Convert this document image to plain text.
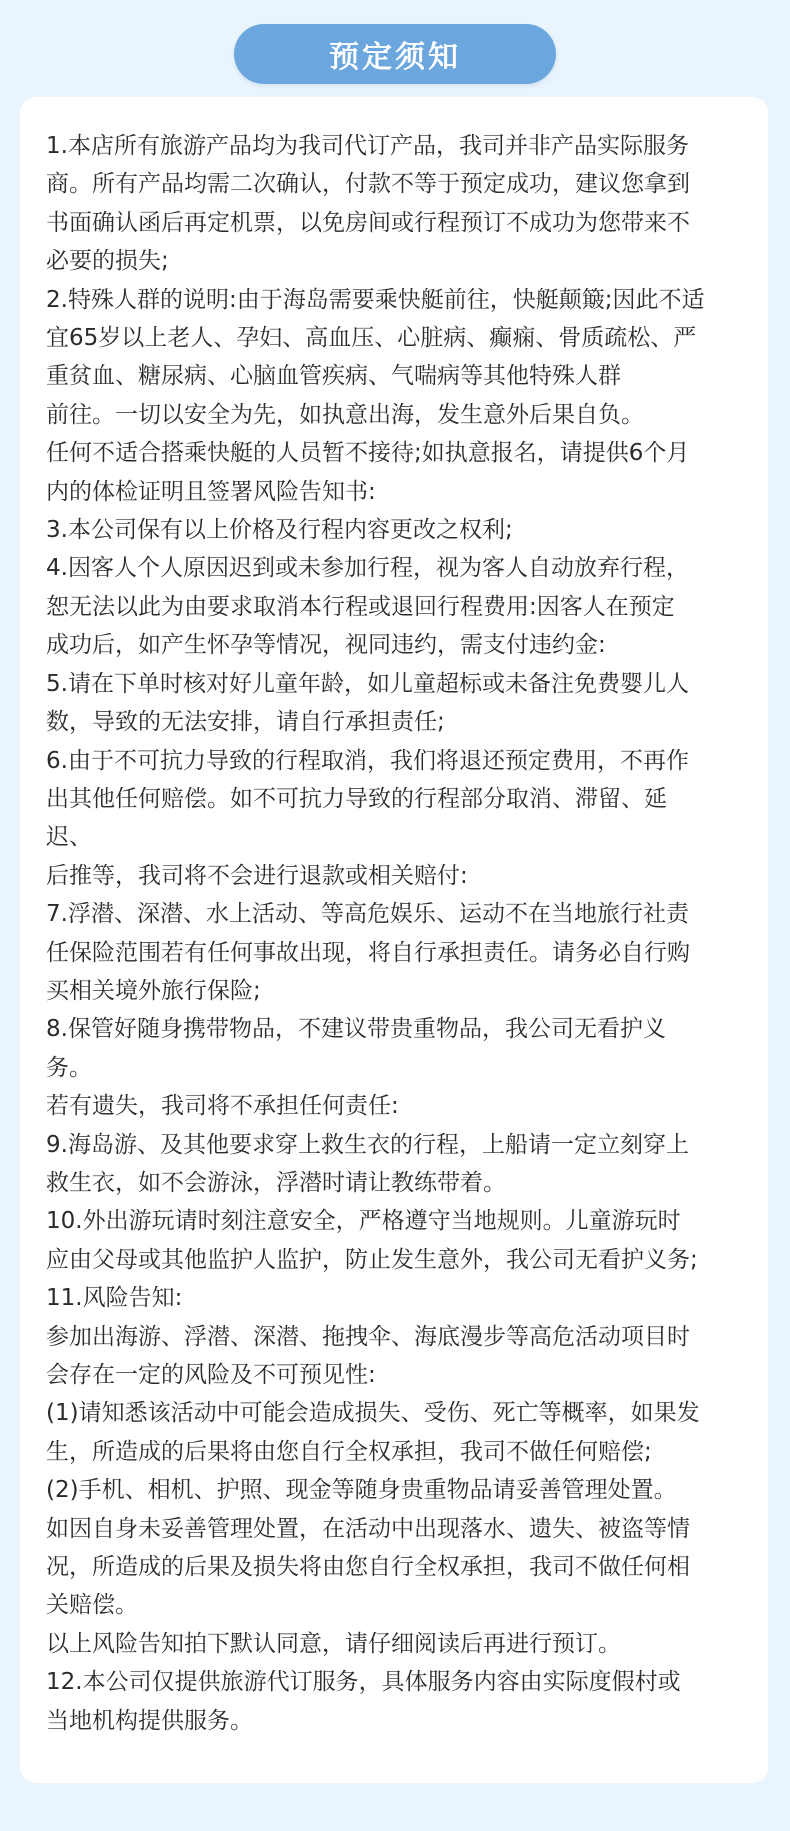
预定须知
1.本店所有旅游产品均为我司代订产品，我司并非产品实际服务
商。所有产品均需二次确认，付款不等于预定成功，建议您拿到
书面确认函后再定机票，以免房间或行程预订不成功为您带来不
必要的损失;
2.特殊人群的说明:由于海岛需要乘快艇前往，快艇颠簸;因此不适
宜65岁以上老人、孕妇、高血压、心脏病、癫痫、骨质疏松、严
重贫血、糖尿病、心脑血管疾病、气喘病等其他特殊人群
前往。一切以安全为先，如执意出海，发生意外后果自负。
任何不适合搭乘快艇的人员暂不接待;如执意报名，请提供6个月
内的体检证明且签署风险告知书:
3.本公司保有以上价格及行程内容更改之权利;
4.因客人个人原因迟到或未参加行程，视为客人自动放弃行程，
恕无法以此为由要求取消本行程或退回行程费用:因客人在预定
成功后，如产生怀孕等情况，视同违约，需支付违约金:
5.请在下单时核对好儿童年龄，如儿童超标或未备注免费婴儿人
数，导致的无法安排，请自行承担责任;
6.由于不可抗力导致的行程取消，我们将退还预定费用，不再作
出其他任何赔偿。如不可抗力导致的行程部分取消、滞留、延
迟、
后推等，我司将不会进行退款或相关赔付:
7.浮潜、深潜、水上活动、等高危娱乐、运动不在当地旅行社责
任保险范围若有任何事故出现，将自行承担责任。请务必自行购
买相关境外旅行保险;
8.保管好随身携带物品，不建议带贵重物品，我公司无看护义
务。
若有遗失，我司将不承担任何责任:
9.海岛游、及其他要求穿上救生衣的行程，上船请一定立刻穿上
救生衣，如不会游泳，浮潜时请让教练带着。
10.外出游玩请时刻注意安全，严格遵守当地规则。儿童游玩时
应由父母或其他监护人监护，防止发生意外，我公司无看护义务;
11.风险告知:
参加出海游、浮潜、深潜、拖拽伞、海底漫步等高危活动项目时
会存在一定的风险及不可预见性:
(1)请知悉该活动中可能会造成损失、受伤、死亡等概率，如果发
生，所造成的后果将由您自行全权承担，我司不做任何赔偿;
(2)手机、相机、护照、现金等随身贵重物品请妥善管理处置。
如因自身未妥善管理处置，在活动中出现落水、遗失、被盗等情
况，所造成的后果及损失将由您自行全权承担，我司不做任何相
关赔偿。
以上风险告知拍下默认同意，请仔细阅读后再进行预订。
12.本公司仅提供旅游代订服务，具体服务内容由实际度假村或
当地机构提供服务。
